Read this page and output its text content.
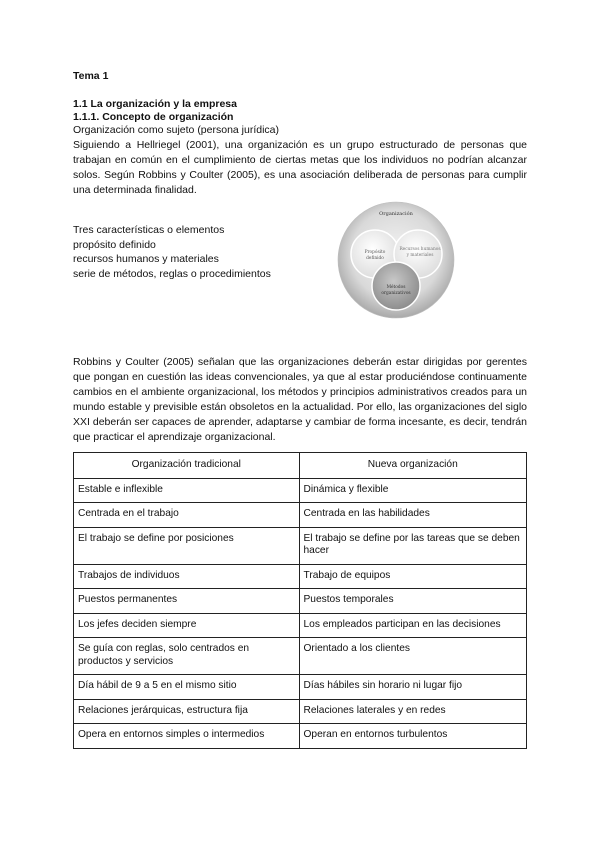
Tema 1

1.1 La organización y la empresa

1.1.1. Concepto de organización

Organización como sujeto (persona jurídica)

Siguiendo a Hellriegel (2001), una organización es un grupo estructurado de personas que trabajan en común en el cumplimiento de ciertas metas que los individuos no podrían alcanzar solos. Según Robbins y Coulter (2005), es una asociación deliberada de personas para cumplir una determinada finalidad.

Tres características o elementos
propósito definido
recursos humanos y materiales
serie de métodos, reglas o procedimientos
Organización
Propósito
definido
Recursos humanos
y materiales
Métodos
organizativos

Robbins y Coulter (2005) señalan que las organizaciones deberán estar dirigidas por gerentes que pongan en cuestión las ideas convencionales, ya que al estar produciéndose continuamente cambios en el ambiente organizacional, los métodos y principios administrativos creados para un mundo estable y previsible están obsoletos en la actualidad. Por ello, las organizaciones del siglo XXI deberán ser capaces de aprender, adaptarse y cambiar de forma incesante, es decir, tendrán que practicar el aprendizaje organizacional.

Organización tradicional	Nueva organización
Estable e inflexible	Dinámica y flexible
Centrada en el trabajo	Centrada en las habilidades
El trabajo se define por posiciones	El trabajo se define por las tareas que se deben hacer
Trabajos de individuos	Trabajo de equipos
Puestos permanentes	Puestos temporales
Los jefes deciden siempre	Los empleados participan en las decisiones
Se guía con reglas, solo centrados en productos y servicios	Orientado a los clientes
Día hábil de 9 a 5 en el mismo sitio	Días hábiles sin horario ni lugar fijo
Relaciones jerárquicas, estructura fija	Relaciones laterales y en redes
Opera en entornos simples o intermedios	Operan en entornos turbulentos
